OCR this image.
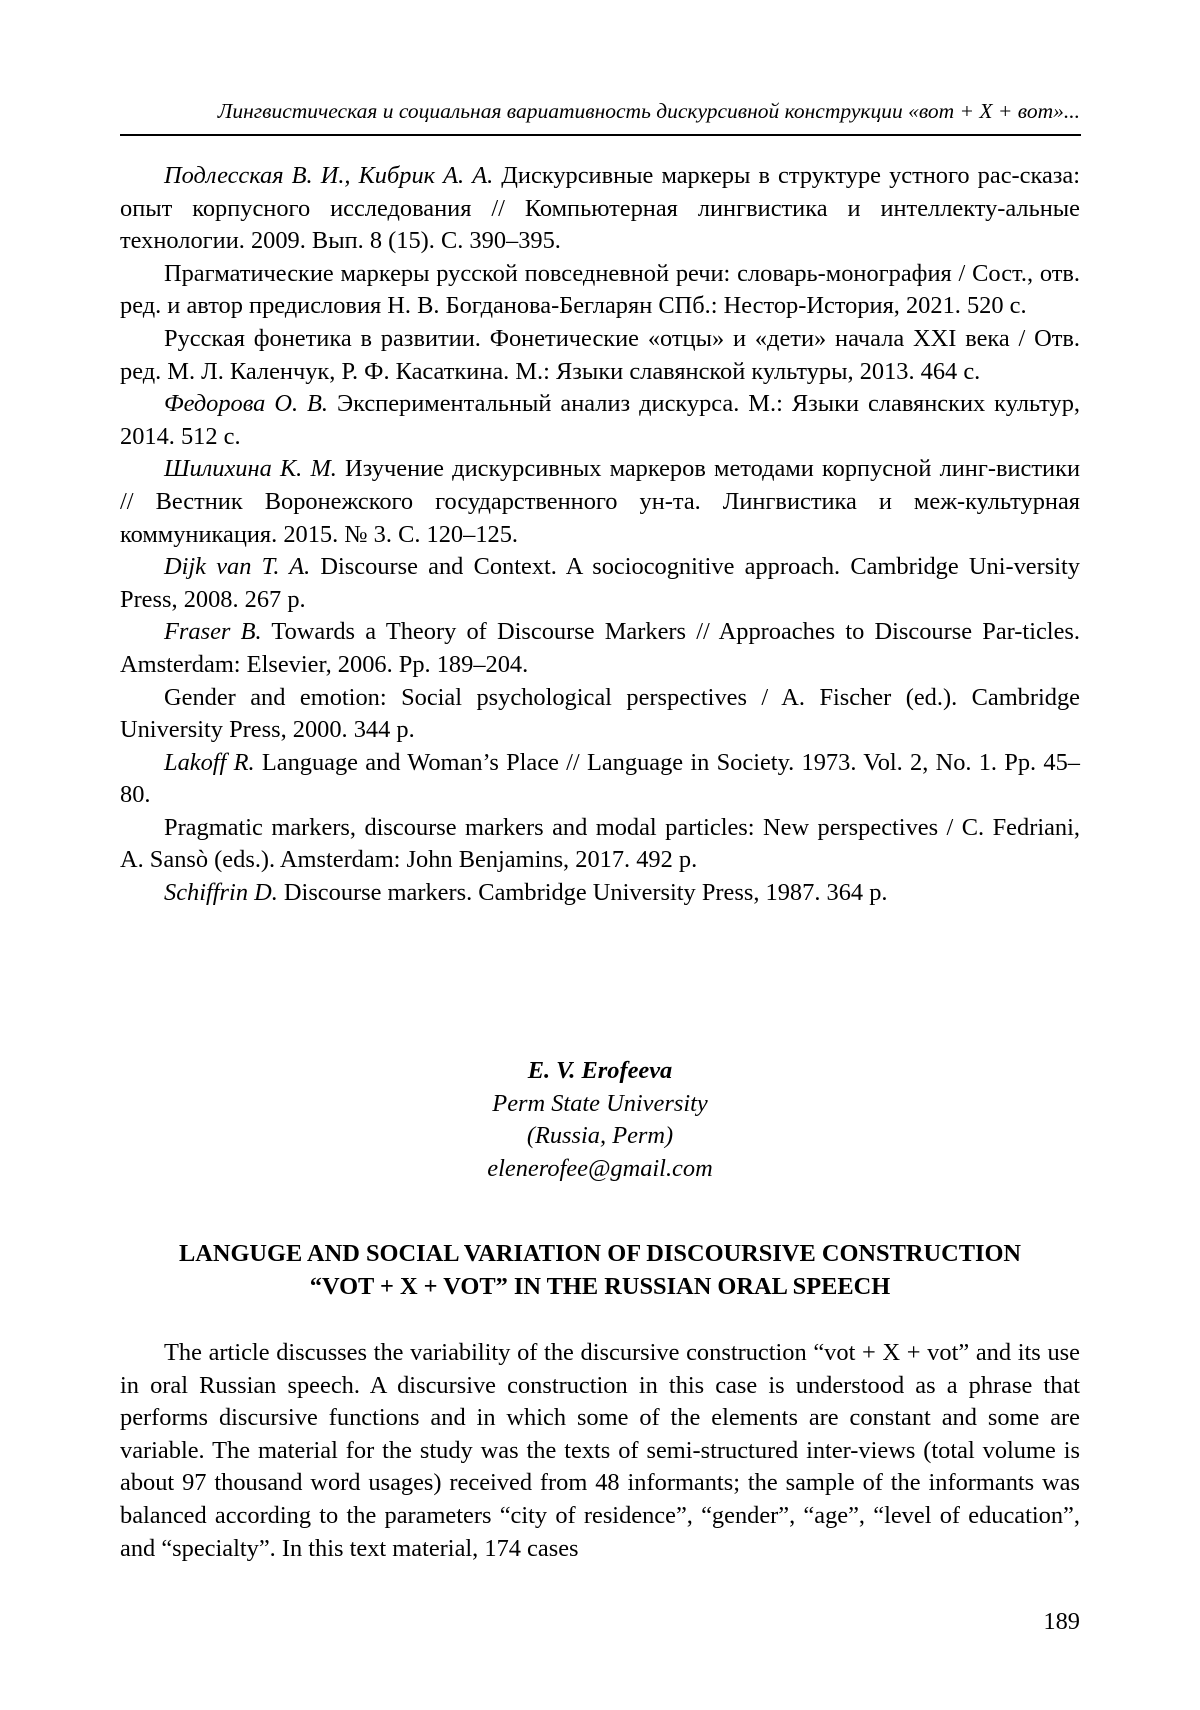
Лингвистическая и социальная вариативность дискурсивной конструкции «вот + X + вот»...

Подлесская В. И., Кибрик А. А. Дискурсивные маркеры в структуре устного рас-сказа: опыт корпусного исследования // Компьютерная лингвистика и интеллекту-альные технологии. 2009. Вып. 8 (15). С. 390–395.

Прагматические маркеры русской повседневной речи: словарь-монография / Сост., отв. ред. и автор предисловия Н. В. Богданова-Бегларян СПб.: Нестор-История, 2021. 520 с.

Русская фонетика в развитии. Фонетические «отцы» и «дети» начала XXI века / Отв. ред. М. Л. Каленчук, Р. Ф. Касаткина. М.: Языки славянской культуры, 2013. 464 с.

Федорова О. В. Экспериментальный анализ дискурса. М.: Языки славянских культур, 2014. 512 с.

Шилихина К. М. Изучение дискурсивных маркеров методами корпусной линг-вистики // Вестник Воронежского государственного ун-та. Лингвистика и меж-культурная коммуникация. 2015. № 3. С. 120–125.

Dijk van T. A. Discourse and Context. A sociocognitive approach. Cambridge Uni-versity Press, 2008. 267 p.

Fraser B. Towards a Theory of Discourse Markers // Approaches to Discourse Par-ticles. Amsterdam: Elsevier, 2006. Pp. 189–204.

Gender and emotion: Social psychological perspectives / A. Fischer (ed.). Cambridge University Press, 2000. 344 p.

Lakoff R. Language and Woman’s Place // Language in Society. 1973. Vol. 2, No. 1. Pp. 45–80.

Pragmatic markers, discourse markers and modal particles: New perspectives / C. Fedriani, A. Sansò (eds.). Amsterdam: John Benjamins, 2017. 492 p.

Schiffrin D. Discourse markers. Cambridge University Press, 1987. 364 p.

E. V. Erofeeva
Perm State University
(Russia, Perm)
elenerofee@gmail.com
LANGUGE AND SOCIAL VARIATION OF DISCOURSIVE CONSTRUCTION
“VOT + X + VOT” IN THE RUSSIAN ORAL SPEECH

The article discusses the variability of the discursive construction “vot + X + vot” and its use in oral Russian speech. A discursive construction in this case is understood as a phrase that performs discursive functions and in which some of the elements are constant and some are variable. The material for the study was the texts of semi-structured inter-views (total volume is about 97 thousand word usages) received from 48 informants; the sample of the informants was balanced according to the parameters “city of residence”, “gender”, “age”, “level of education”, and “specialty”. In this text material, 174 cases

189
